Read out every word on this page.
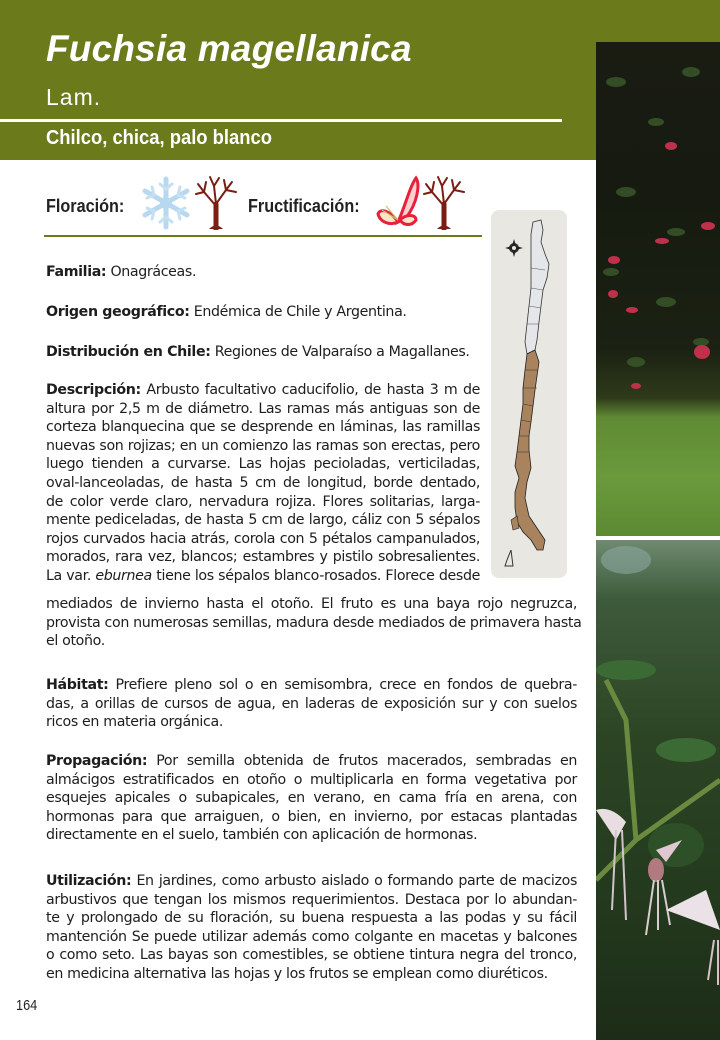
Fuchsia magellanica
Lam.
Chilco, chica, palo blanco
Floración:	Fructificación:
Familia: Onagráceas.
Origen geográfico: Endémica de Chile y Argentina.
Distribución en Chile: Regiones de Valparaíso a Magallanes.
Descripción: Arbusto facultativo caducifolio, de hasta 3 m de
altura por 2,5 m de diámetro. Las ramas más antiguas son de
corteza blanquecina que se desprende en láminas, las ramillas
nuevas son rojizas; en un comienzo las ramas son erectas, pero
luego tienden a curvarse. Las hojas pecioladas, verticiladas,
oval-lanceoladas, de hasta 5 cm de longitud, borde dentado,
de color verde claro, nervadura rojiza. Flores solitarias, larga-
mente pediceladas, de hasta 5 cm de largo, cáliz con 5 sépalos
rojos curvados hacia atrás, corola con 5 pétalos campanulados,
morados, rara vez, blancos; estambres y pistilo sobresalientes.
La var. eburnea tiene los sépalos blanco-rosados. Florece desde
mediados de invierno hasta el otoño. El fruto es una baya rojo negruzca,
provista con numerosas semillas, madura desde mediados de primavera hasta
el otoño.
Hábitat: Prefiere pleno sol o en semisombra, crece en fondos de quebra-
das, a orillas de cursos de agua, en laderas de exposición sur y con suelos
ricos en materia orgánica.
Propagación: Por semilla obtenida de frutos macerados, sembradas en
almácigos estratificados en otoño o multiplicarla en forma vegetativa por
esquejes apicales o subapicales, en verano, en cama fría en arena, con
hormonas para que arraiguen, o bien, en invierno, por estacas plantadas
directamente en el suelo, también con aplicación de hormonas.
Utilización: En jardines, como arbusto aislado o formando parte de macizos
arbustivos que tengan los mismos requerimientos. Destaca por lo abundan-
te y prolongado de su floración, su buena respuesta a las podas y su fácil
mantención Se puede utilizar además como colgante en macetas y balcones
o como seto. Las bayas son comestibles, se obtiene tintura negra del tronco,
en medicina alternativa las hojas y los frutos se emplean como diuréticos.
164
